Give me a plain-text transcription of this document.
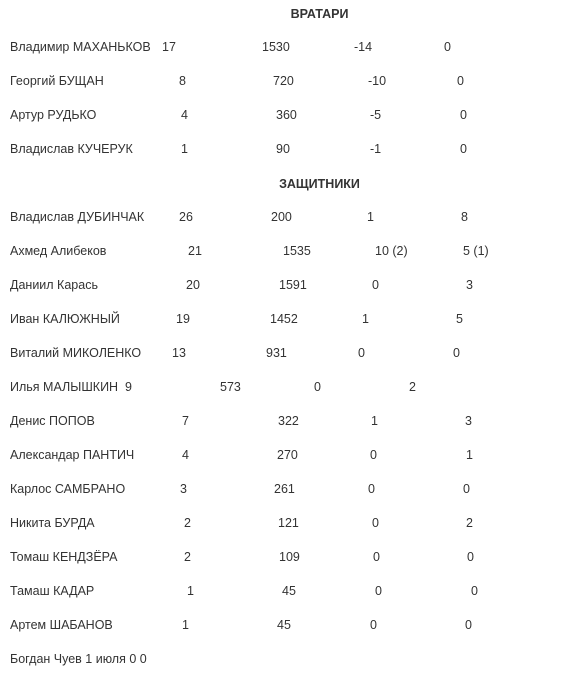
ВРАТАРИ
Владимир МАХАНЬКОВ 17	1530	-14	0
Георгий БУЩАН	8	720	-10	0
Артур РУДЬКО	4	360	-5	0
Владислав КУЧЕРУК	1	90	-1	0
ЗАЩИТНИКИ
Владислав ДУБИНЧАК	26	200	1	8
Ахмед Алибеков	21	1535	10 (2)	5 (1)
Даниил Карась	20	1591	0	3
Иван КАЛЮЖНЫЙ	19	1452	1	5
Виталий МИКОЛЕНКО 13	931	0	0
Илья МАЛЫШКИН 9	573	0	2
Денис ПОПОВ	7	322	1	3
Александар ПАНТИЧ	4	270	0	1
Карлос САМБРАНО	3	261	0	0
Никита БУРДА	2	121	0	2
Томаш КЕНДЗЁРА	2	109	0	0
Тамаш КАДАР	1	45	0	0
Артем ШАБАНОВ	1	45	0	0
Богдан Чуев 1 июля 0 0
